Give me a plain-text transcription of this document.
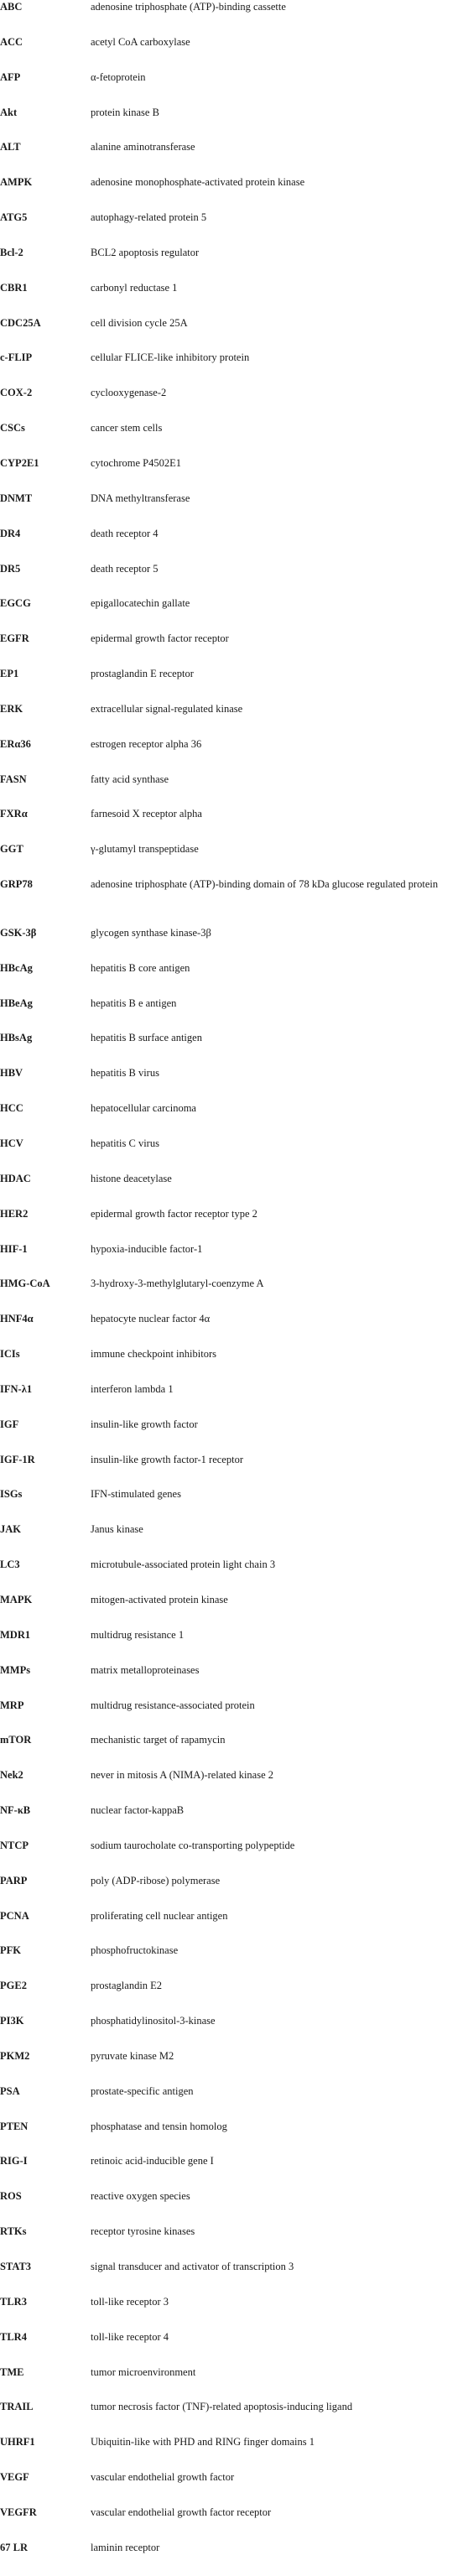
ABC	adenosine triphosphate (ATP)-binding cassette
ACC	acetyl CoA carboxylase
AFP	α-fetoprotein
Akt	protein kinase B
ALT	alanine aminotransferase
AMPK	adenosine monophosphate-activated protein kinase
ATG5	autophagy-related protein 5
Bcl-2	BCL2 apoptosis regulator
CBR1	carbonyl reductase 1
CDC25A	cell division cycle 25A
c-FLIP	cellular FLICE-like inhibitory protein
COX-2	cyclooxygenase-2
CSCs	cancer stem cells
CYP2E1	cytochrome P4502E1
DNMT	DNA methyltransferase
DR4	death receptor 4
DR5	death receptor 5
EGCG	epigallocatechin gallate
EGFR	epidermal growth factor receptor
EP1	prostaglandin E receptor
ERK	extracellular signal-regulated kinase
ERα36	estrogen receptor alpha 36
FASN	fatty acid synthase
FXRα	farnesoid X receptor alpha
GGT	γ-glutamyl transpeptidase
GRP78	adenosine triphosphate (ATP)-binding domain of 78 kDa glucose regulated protein
GSK-3β	glycogen synthase kinase-3β
HBcAg	hepatitis B core antigen
HBeAg	hepatitis B e antigen
HBsAg	hepatitis B surface antigen
HBV	hepatitis B virus
HCC	hepatocellular carcinoma
HCV	hepatitis C virus
HDAC	histone deacetylase
HER2	epidermal growth factor receptor type 2
HIF-1	hypoxia-inducible factor-1
HMG-CoA	3-hydroxy-3-methylglutaryl-coenzyme A
HNF4α	hepatocyte nuclear factor 4α
ICIs	immune checkpoint inhibitors
IFN-λ1	interferon lambda 1
IGF	insulin-like growth factor
IGF-1R	insulin-like growth factor-1 receptor
ISGs	IFN-stimulated genes
JAK	Janus kinase
LC3	microtubule-associated protein light chain 3
MAPK	mitogen-activated protein kinase
MDR1	multidrug resistance 1
MMPs	matrix metalloproteinases
MRP	multidrug resistance-associated protein
mTOR	mechanistic target of rapamycin
Nek2	never in mitosis A (NIMA)-related kinase 2
NF-κB	nuclear factor-kappaB
NTCP	sodium taurocholate co-transporting polypeptide
PARP	poly (ADP-ribose) polymerase
PCNA	proliferating cell nuclear antigen
PFK	phosphofructokinase
PGE2	prostaglandin E2
PI3K	phosphatidylinositol-3-kinase
PKM2	pyruvate kinase M2
PSA	prostate-specific antigen
PTEN	phosphatase and tensin homolog
RIG-I	retinoic acid-inducible gene I
ROS	reactive oxygen species
RTKs	receptor tyrosine kinases
STAT3	signal transducer and activator of transcription 3
TLR3	toll-like receptor 3
TLR4	toll-like receptor 4
TME	tumor microenvironment
TRAIL	tumor necrosis factor (TNF)-related apoptosis-inducing ligand
UHRF1	Ubiquitin-like with PHD and RING finger domains 1
VEGF	vascular endothelial growth factor
VEGFR	vascular endothelial growth factor receptor
67 LR	laminin receptor
